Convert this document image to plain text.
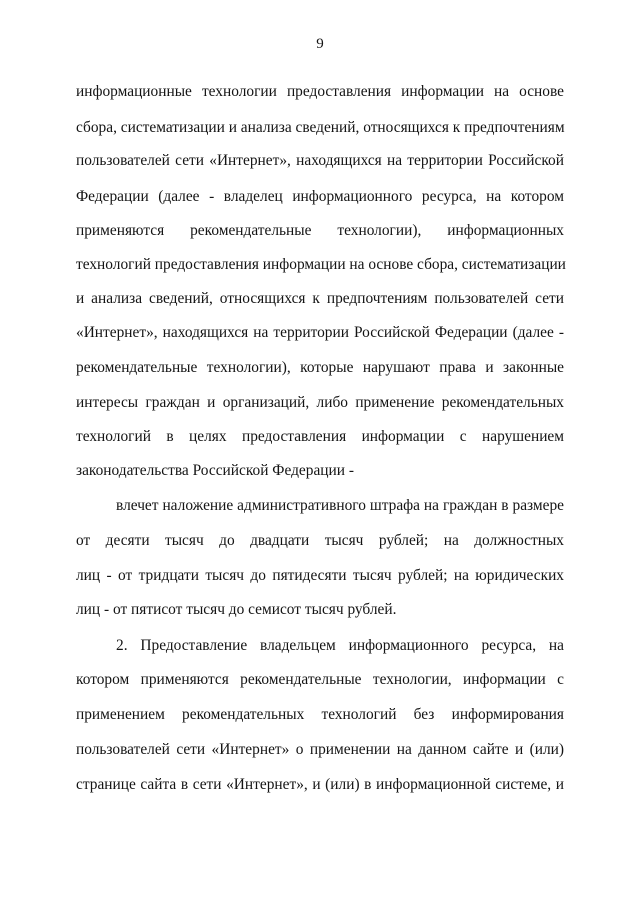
9
информационные технологии предоставления информации на основе
сбора, систематизации и анализа сведений, относящихся к предпочтениям
пользователей сети «Интернет», находящихся на территории Российской
Федерации (далее - владелец информационного ресурса, на котором
применяются рекомендательные технологии), информационных
технологий предоставления информации на основе сбора, систематизации
и анализа сведений, относящихся к предпочтениям пользователей сети
«Интернет», находящихся на территории Российской Федерации (далее -
рекомендательные технологии), которые нарушают права и законные
интересы граждан и организаций, либо применение рекомендательных
технологий в целях предоставления информации с нарушением
законодательства Российской Федерации -
влечет наложение административного штрафа на граждан в размере
от десяти тысяч до двадцати тысяч рублей; на должностных
лиц - от тридцати тысяч до пятидесяти тысяч рублей; на юридических
лиц - от пятисот тысяч до семисот тысяч рублей.
2. Предоставление владельцем информационного ресурса, на
котором применяются рекомендательные технологии, информации с
применением рекомендательных технологий без информирования
пользователей сети «Интернет» о применении на данном сайте и (или)
странице сайта в сети «Интернет», и (или) в информационной системе, и
